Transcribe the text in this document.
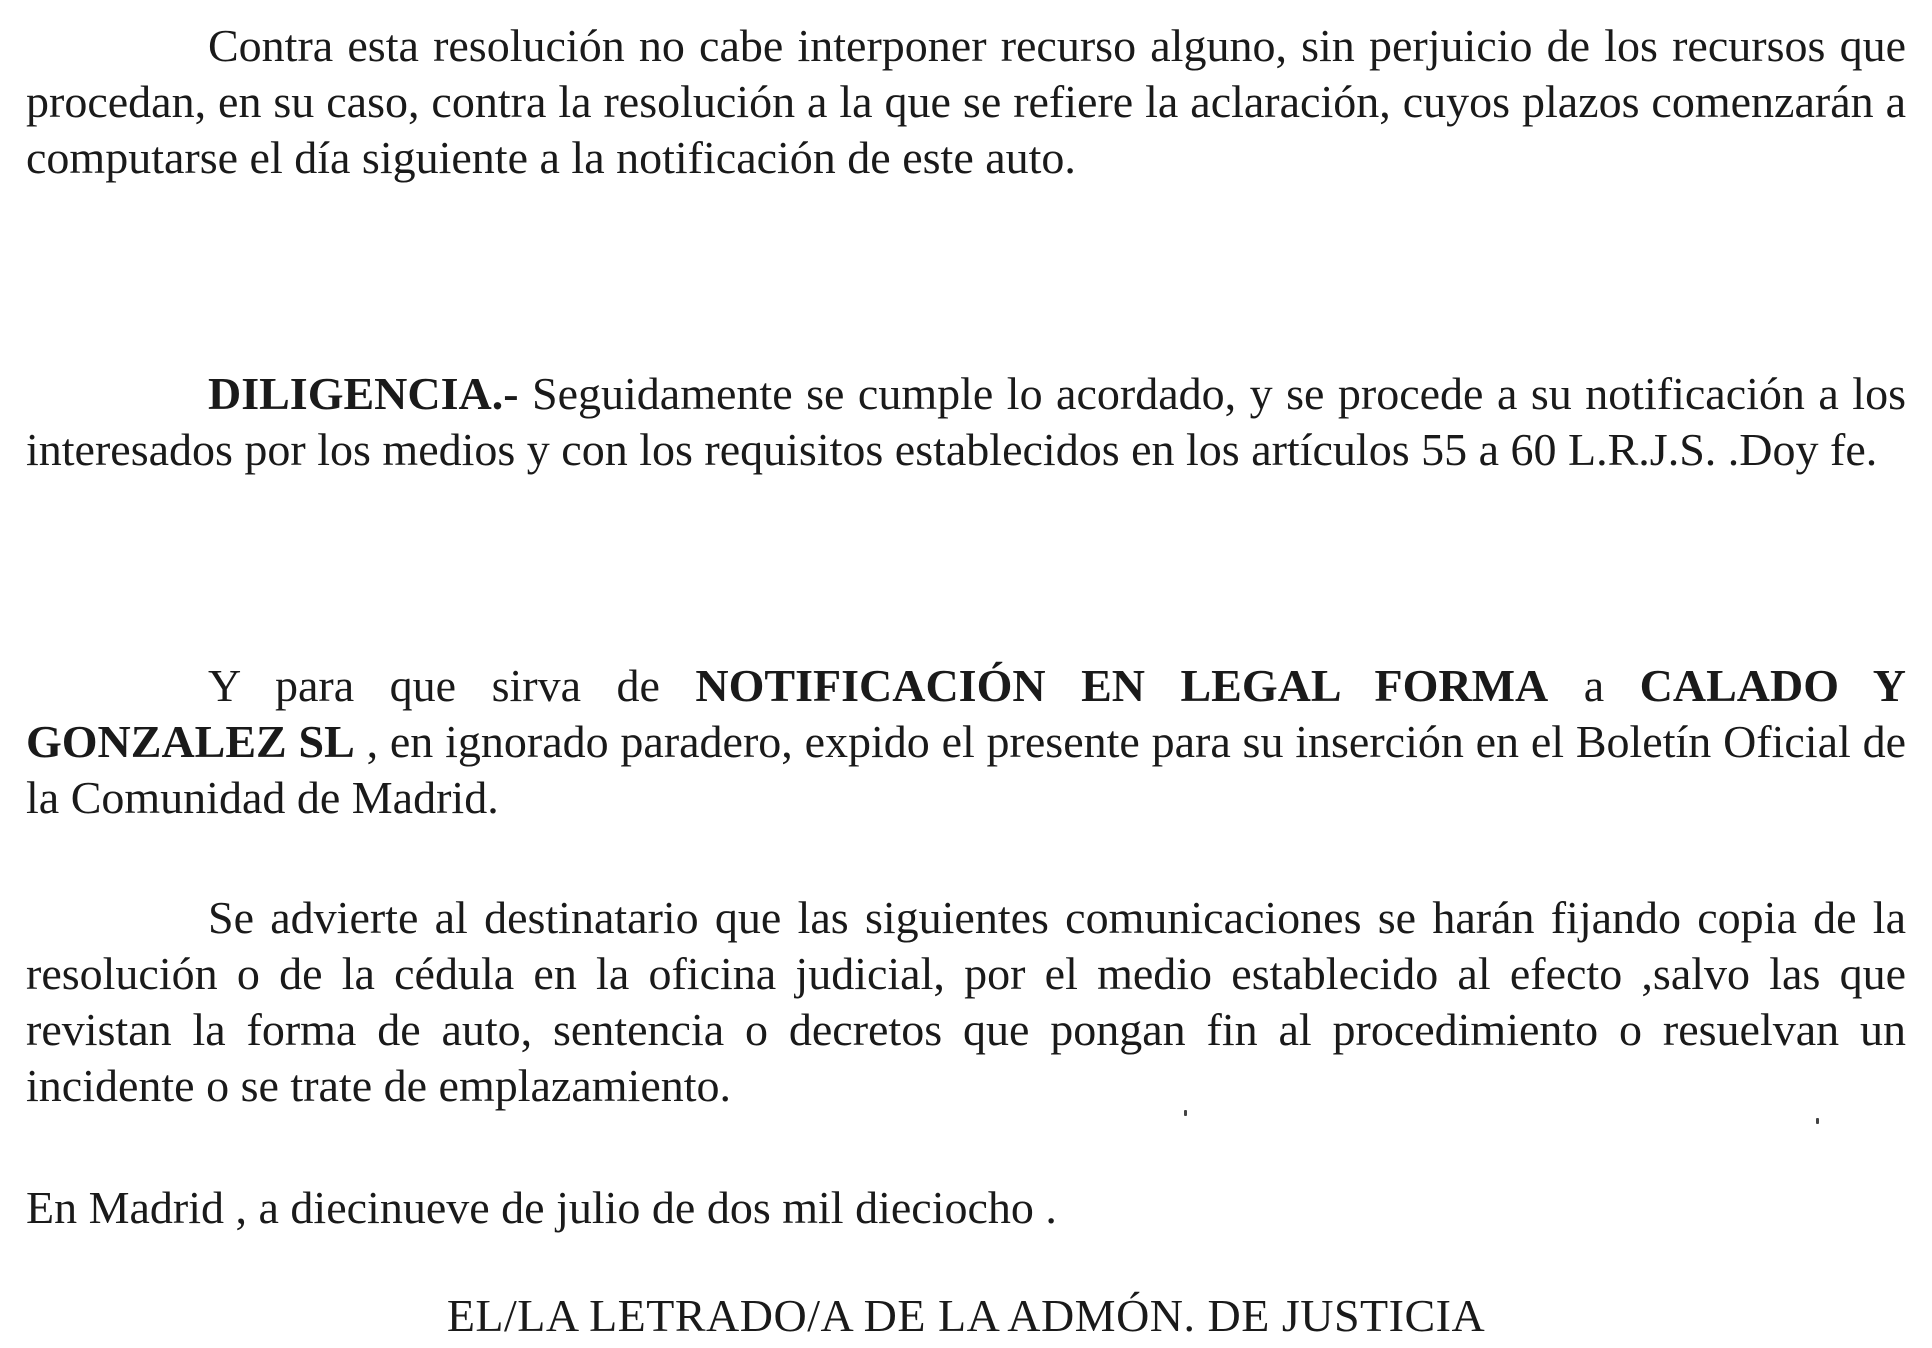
Contra esta resolución no cabe interponer recurso alguno, sin perjuicio de los recursos que procedan, en su caso, contra la resolución a la que se refiere la aclaración, cuyos plazos comenzarán a computarse el día siguiente a la notificación de este auto.

DILIGENCIA.- Seguidamente se cumple lo acordado, y se procede a su notificación a los interesados por los medios y con los requisitos establecidos en los artículos 55 a 60 L.R.J.S. .Doy fe.

Y para que sirva de NOTIFICACIÓN EN LEGAL FORMA a CALADO Y GONZALEZ SL , en ignorado paradero, expido el presente para su inserción en el Boletín Oficial de la Comunidad de Madrid.

Se advierte al destinatario que las siguientes comunicaciones se harán fijando copia de la resolución o de la cédula en la oficina judicial, por el medio establecido al efecto ,salvo las que revistan la forma de auto, sentencia o decretos que pongan fin al procedimiento o resuelvan un incidente o se trate de emplazamiento.

En Madrid , a diecinueve de julio de dos mil dieciocho .

EL/LA LETRADO/A DE LA ADMÓN. DE JUSTICIA
